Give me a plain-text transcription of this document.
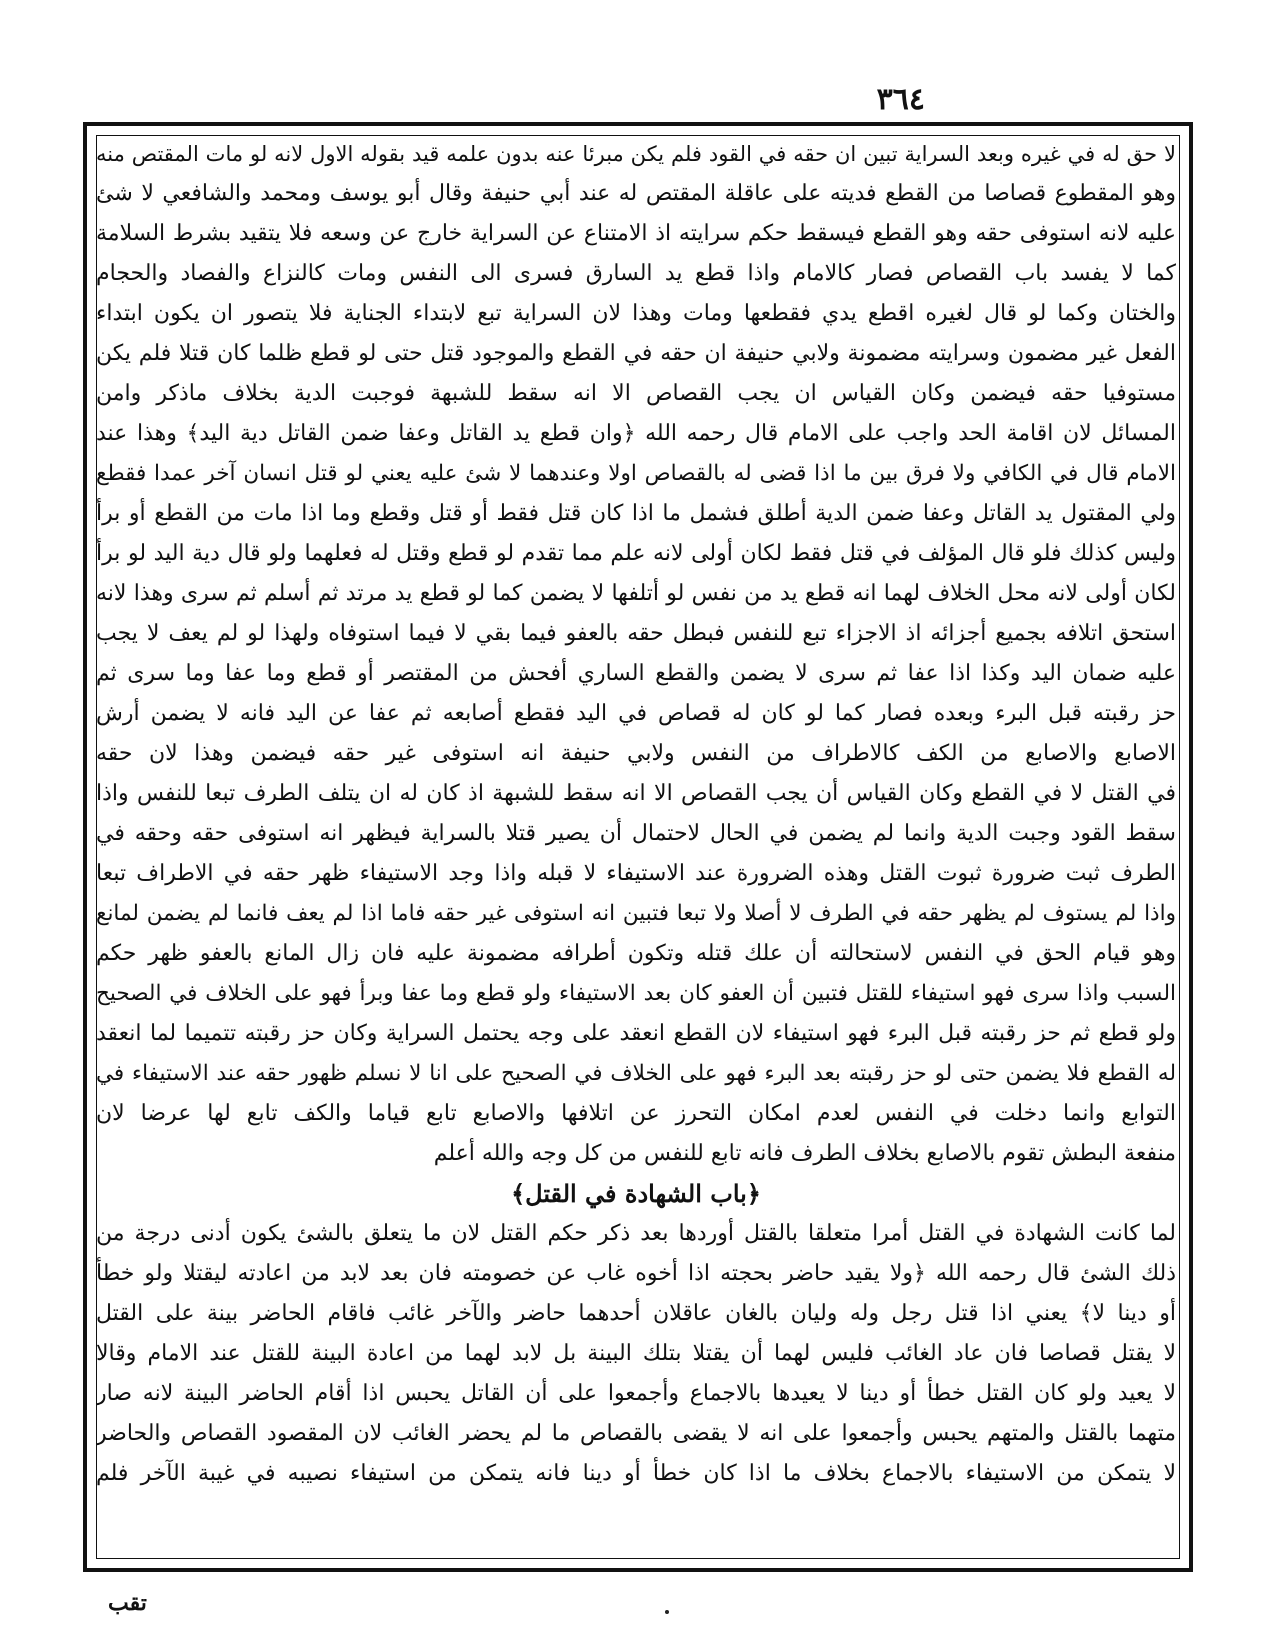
٣٦٤
لا حق له في غيره وبعد السراية تبين ان حقه في القود فلم يكن مبرئا عنه بدون علمه قيد بقوله الاول لانه لو مات المقتص منه
وهو المقطوع قصاصا من القطع فديته على عاقلة المقتص له عند أبي حنيفة وقال أبو يوسف ومحمد والشافعي لا شئ
عليه لانه استوفى حقه وهو القطع فيسقط حكم سرايته اذ الامتناع عن السراية خارج عن وسعه فلا يتقيد بشرط السلامة
كما لا يفسد باب القصاص فصار كالامام واذا قطع يد السارق فسرى الى النفس ومات كالنزاع والفصاد والحجام
والختان وكما لو قال لغيره اقطع يدي فقطعها ومات وهذا لان السراية تبع لابتداء الجناية فلا يتصور ان يكون ابتداء
الفعل غير مضمون وسرايته مضمونة ولابي حنيفة ان حقه في القطع والموجود قتل حتى لو قطع ظلما كان قتلا فلم يكن
مستوفيا حقه فيضمن وكان القياس ان يجب القصاص الا انه سقط للشبهة فوجبت الدية بخلاف ماذكر وامن
المسائل لان اقامة الحد واجب على الامام قال رحمه الله ﴿وان قطع يد القاتل وعفا ضمن القاتل دية اليد﴾ وهذا عند
الامام قال في الكافي ولا فرق بين ما اذا قضى له بالقصاص اولا وعندهما لا شئ عليه يعني لو قتل انسان آخر عمدا فقطع
ولي المقتول يد القاتل وعفا ضمن الدية أطلق فشمل ما اذا كان قتل فقط أو قتل وقطع وما اذا مات من القطع أو برأ
وليس كذلك فلو قال المؤلف في قتل فقط لكان أولى لانه علم مما تقدم لو قطع وقتل له فعلهما ولو قال دية اليد لو برأ
لكان أولى لانه محل الخلاف لهما انه قطع يد من نفس لو أتلفها لا يضمن كما لو قطع يد مرتد ثم أسلم ثم سرى وهذا لانه
استحق اتلافه بجميع أجزائه اذ الاجزاء تبع للنفس فبطل حقه بالعفو فيما بقي لا فيما استوفاه ولهذا لو لم يعف لا يجب
عليه ضمان اليد وكذا اذا عفا ثم سرى لا يضمن والقطع الساري أفحش من المقتصر أو قطع وما عفا وما سرى ثم
حز رقبته قبل البرء وبعده فصار كما لو كان له قصاص في اليد فقطع أصابعه ثم عفا عن اليد فانه لا يضمن أرش
الاصابع والاصابع من الكف كالاطراف من النفس ولابي حنيفة انه استوفى غير حقه فيضمن وهذا لان حقه
في القتل لا في القطع وكان القياس أن يجب القصاص الا انه سقط للشبهة اذ كان له ان يتلف الطرف تبعا للنفس واذا
سقط القود وجبت الدية وانما لم يضمن في الحال لاحتمال أن يصير قتلا بالسراية فيظهر انه استوفى حقه وحقه في
الطرف ثبت ضرورة ثبوت القتل وهذه الضرورة عند الاستيفاء لا قبله واذا وجد الاستيفاء ظهر حقه في الاطراف تبعا
واذا لم يستوف لم يظهر حقه في الطرف لا أصلا ولا تبعا فتبين انه استوفى غير حقه فاما اذا لم يعف فانما لم يضمن لمانع
وهو قيام الحق في النفس لاستحالته أن علك قتله وتكون أطرافه مضمونة عليه فان زال المانع بالعفو ظهر حكم
السبب واذا سرى فهو استيفاء للقتل فتبين أن العفو كان بعد الاستيفاء ولو قطع وما عفا وبرأ فهو على الخلاف في الصحيح
ولو قطع ثم حز رقبته قبل البرء فهو استيفاء لان القطع انعقد على وجه يحتمل السراية وكان حز رقبته تتميما لما انعقد
له القطع فلا يضمن حتى لو حز رقبته بعد البرء فهو على الخلاف في الصحيح على انا لا نسلم ظهور حقه عند الاستيفاء في
التوابع وانما دخلت في النفس لعدم امكان التحرز عن اتلافها والاصابع تابع قياما والكف تابع لها عرضا لان
منفعة البطش تقوم بالاصابع بخلاف الطرف فانه تابع للنفس من كل وجه والله أعلم
﴿باب الشهادة في القتل﴾
لما كانت الشهادة في القتل أمرا متعلقا بالقتل أوردها بعد ذكر حكم القتل لان ما يتعلق بالشئ يكون أدنى درجة من
ذلك الشئ قال رحمه الله ﴿ولا يقيد حاضر بحجته اذا أخوه غاب عن خصومته فان بعد لابد من اعادته ليقتلا ولو خطأ
أو دينا لا﴾ يعني اذا قتل رجل وله وليان بالغان عاقلان أحدهما حاضر والآخر غائب فاقام الحاضر بينة على القتل
لا يقتل قصاصا فان عاد الغائب فليس لهما أن يقتلا بتلك البينة بل لابد لهما من اعادة البينة للقتل عند الامام وقالا
لا يعيد ولو كان القتل خطأ أو دينا لا يعيدها بالاجماع وأجمعوا على أن القاتل يحبس اذا أقام الحاضر البينة لانه صار
متهما بالقتل والمتهم يحبس وأجمعوا على انه لا يقضى بالقصاص ما لم يحضر الغائب لان المقصود القصاص والحاضر
لا يتمكن من الاستيفاء بالاجماع بخلاف ما اذا كان خطأ أو دينا فانه يتمكن من استيفاء نصيبه في غيبة الآخر فلم
تقب
